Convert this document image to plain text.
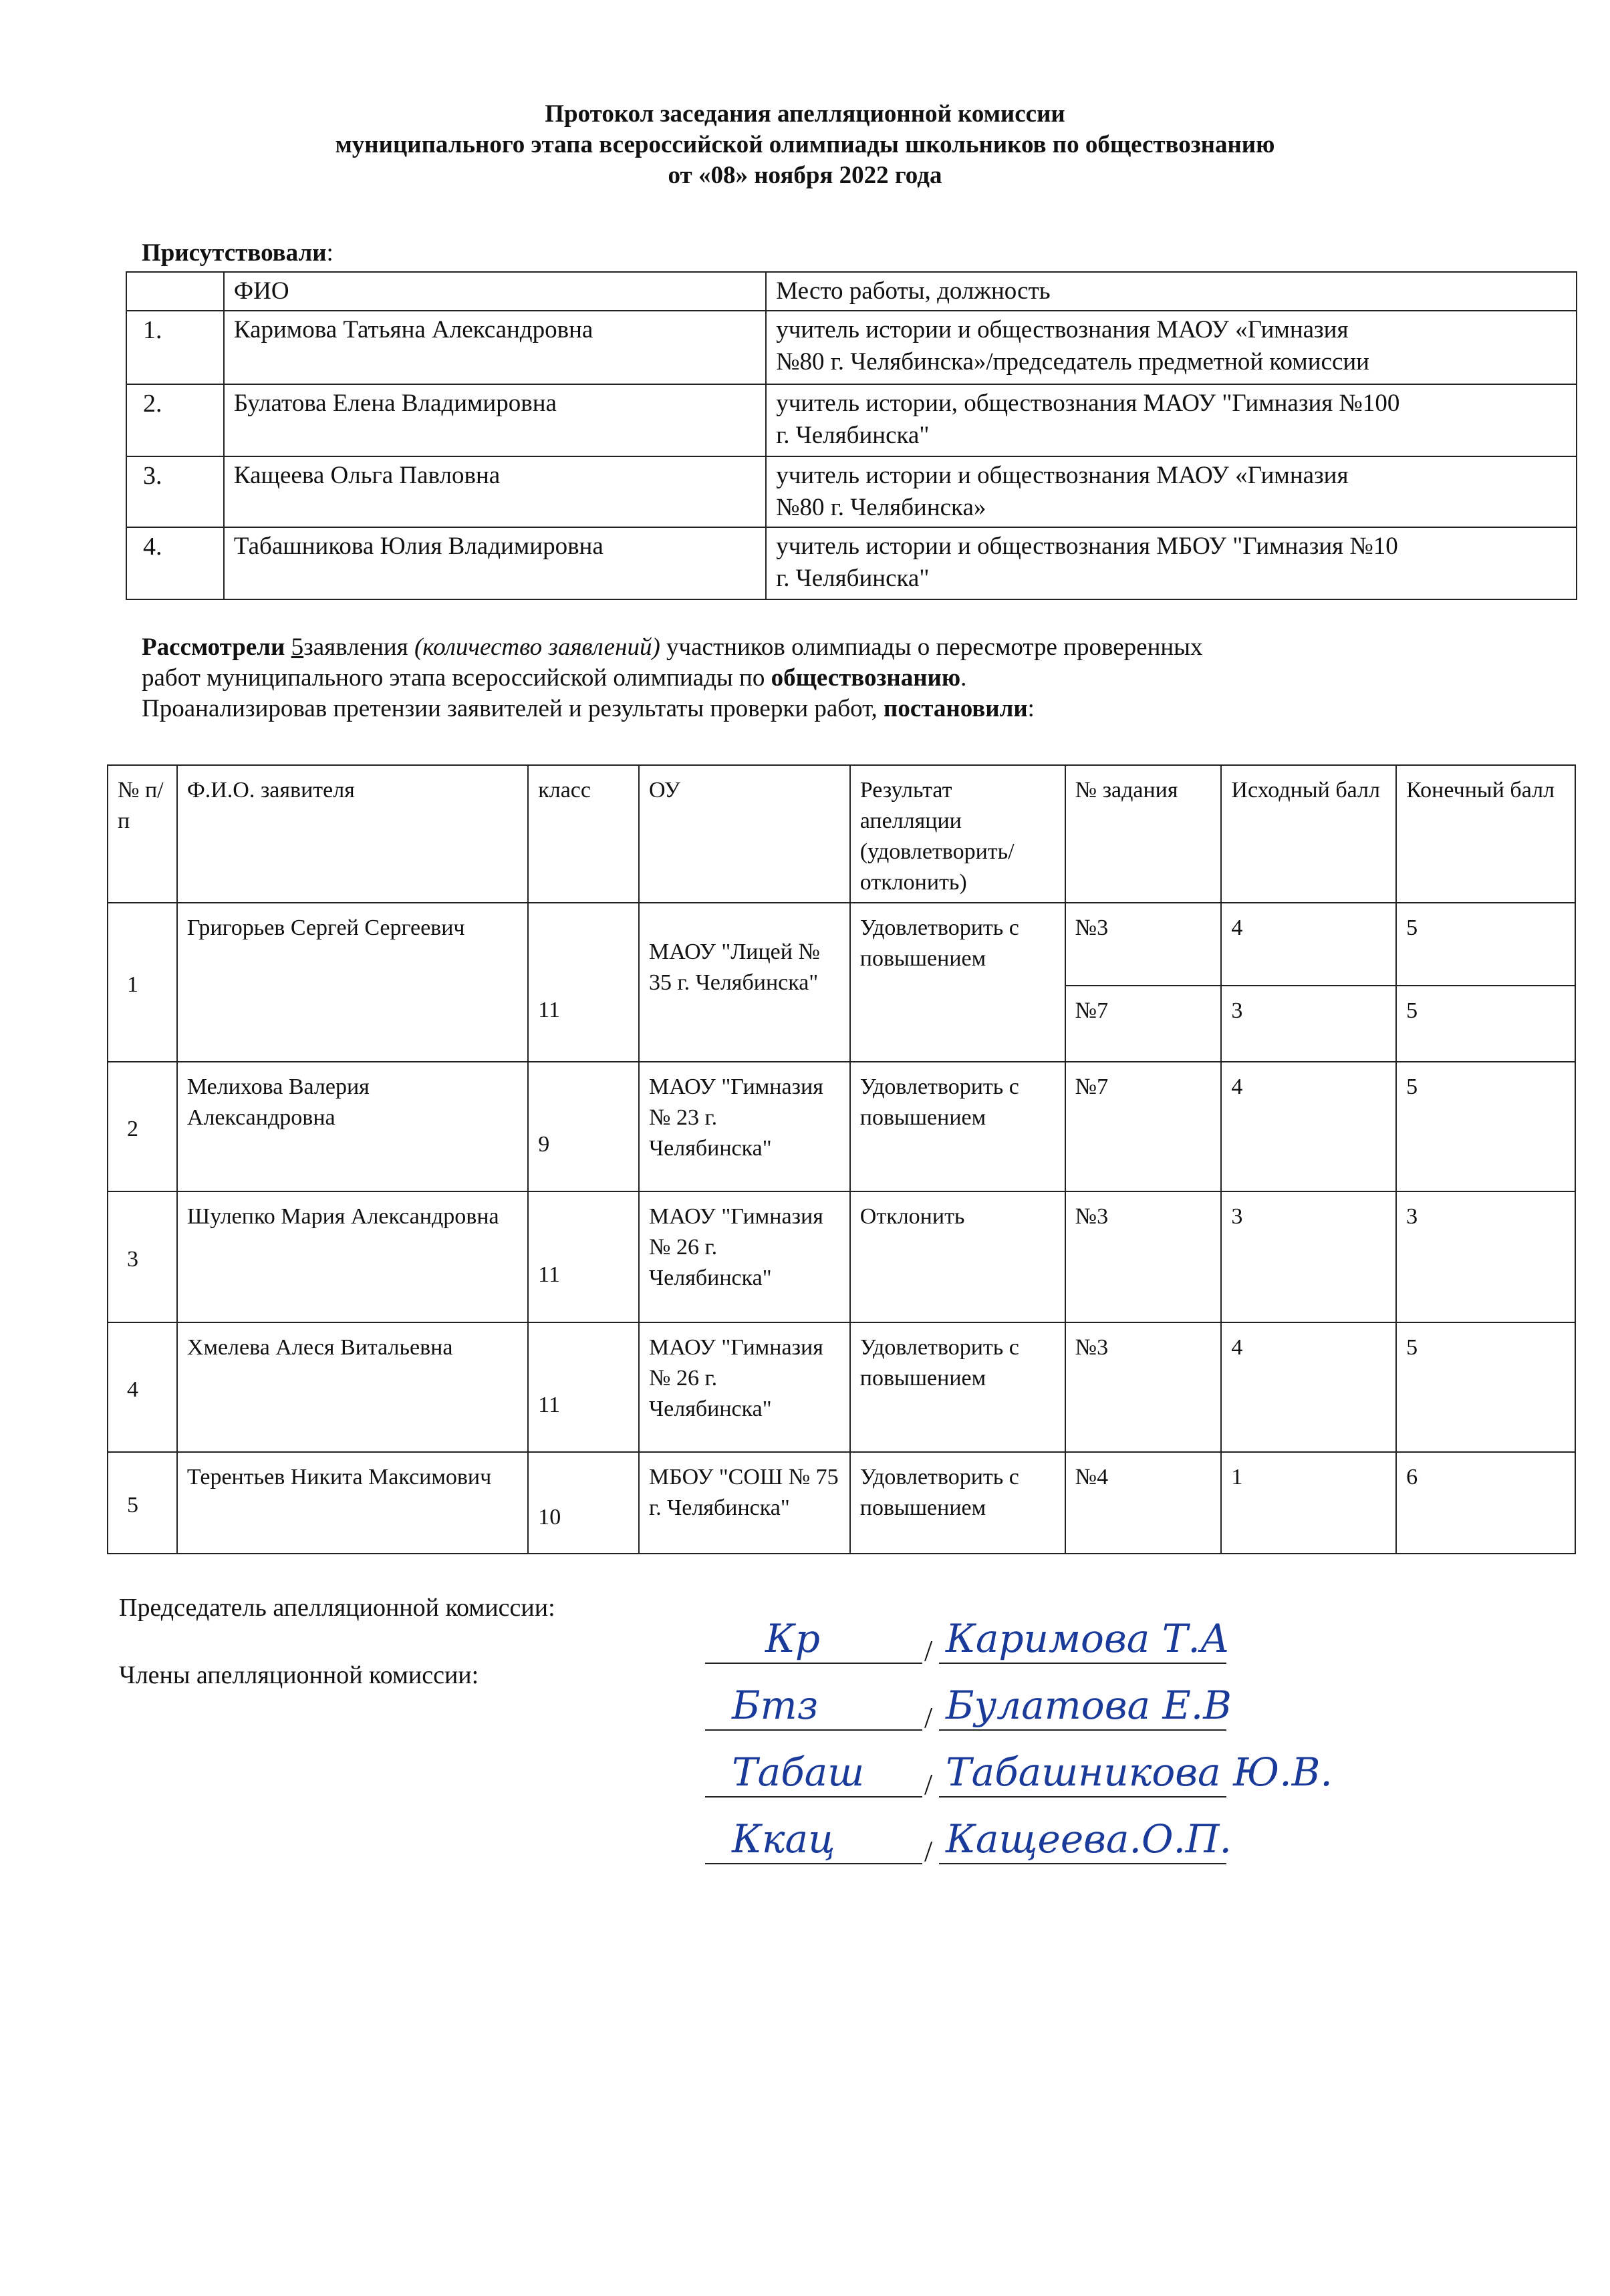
Протокол заседания апелляционной комиссии
муниципального этапа всероссийской олимпиады школьников по обществознанию
от «08» ноября 2022 года
Присутствовали:
	ФИО	Место работы, должность
1.	Каримова Татьяна Александровна	учитель истории и обществознания МАОУ «Гимназия
№80 г. Челябинска»/председатель предметной комиссии

2.	Булатова Елена Владимировна	учитель истории, обществознания МАОУ "Гимназия №100
г. Челябинска"

3.	Кащеева Ольга Павловна	учитель истории и обществознания МАОУ «Гимназия
№80 г. Челябинска»

4.	Табашникова Юлия Владимировна	учитель истории и обществознания МБОУ "Гимназия №10
г. Челябинска"
Рассмотрели 5заявления (количество заявлений) участников олимпиады о пересмотре проверенных
работ муниципального этапа всероссийской олимпиады по обществознанию.
Проанализировав претензии заявителей и результаты проверки работ, постановили:
№ п/п	Ф.И.О. заявителя	класс	ОУ	Результат апелляции (удовлетворить/ отклонить)	№ задания	Исходный балл	Конечный балл
1	Григорьев Сергей Сергеевич	11	МАОУ "Лицей № 35 г. Челябинска"	Удовлетворить с повышением	№3	4	5
					№7	3	5
2	Мелихова Валерия Александровна	9	МАОУ "Гимназия № 23 г. Челябинска"	Удовлетворить с повышением	№7	4	5
3	Шулепко Мария Александровна	11	МАОУ "Гимназия № 26 г. Челябинска"	Отклонить	№3	3	3
4	Хмелева Алеся Витальевна	11	МАОУ "Гимназия № 26 г. Челябинска"	Удовлетворить с повышением	№3	4	5
5	Терентьев Никита Максимович	10	МБОУ "СОШ № 75 г. Челябинска"	Удовлетворить с повышением	№4	1	6
Председатель апелляционной комиссии:
Члены апелляционной комиссии:
Кр	/ Каримова Т.А
Бтз	/ Булатова Е.В
Табаш / Табашникова Ю.В.
Ккац	/ Кащеева.О.П.
